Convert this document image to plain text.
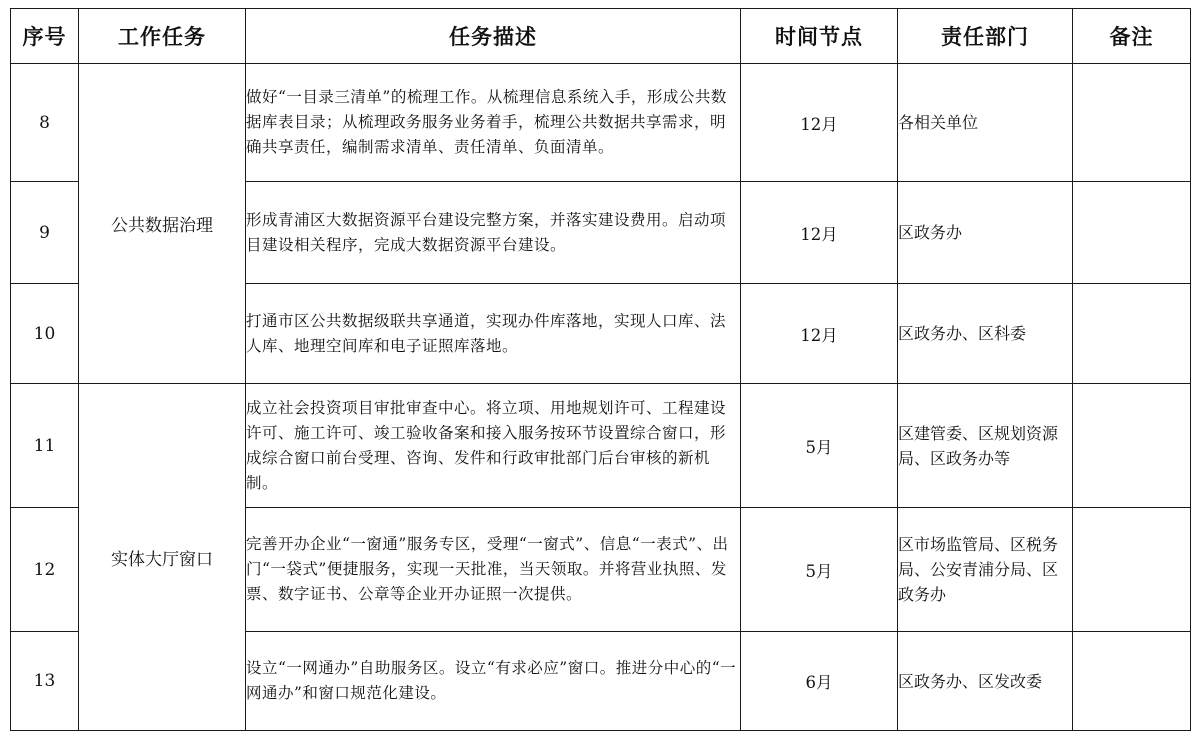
序号	工作任务	任务描述	时间节点	责任部门	备注
8	公共数据治理	做好“一目录三清单”的梳理工作。从梳理信息系统入手，形成公共数据库表目录；从梳理政务服务业务着手，梳理公共数据共享需求，明确共享责任，编制需求清单、责任清单、负面清单。	12月	各相关单位	
9		形成青浦区大数据资源平台建设完整方案，并落实建设费用。启动项目建设相关程序，完成大数据资源平台建设。	12月	区政务办	
10		打通市区公共数据级联共享通道，实现办件库落地，实现人口库、法人库、地理空间库和电子证照库落地。	12月	区政务办、区科委	
11	实体大厅窗口	成立社会投资项目审批审查中心。将立项、用地规划许可、工程建设许可、施工许可、竣工验收备案和接入服务按环节设置综合窗口，形成综合窗口前台受理、咨询、发件和行政审批部门后台审核的新机制。	5月	区建管委、区规划资源局、区政务办等	
12		完善开办企业“一窗通”服务专区，受理“一窗式”、信息“一表式”、出门“一袋式”便捷服务，实现一天批准，当天领取。并将营业执照、发票、数字证书、公章等企业开办证照一次提供。	5月	区市场监管局、区税务局、公安青浦分局、区政务办	
13		设立“一网通办”自助服务区。设立“有求必应”窗口。推进分中心的“一网通办”和窗口规范化建设。	6月	区政务办、区发改委	
